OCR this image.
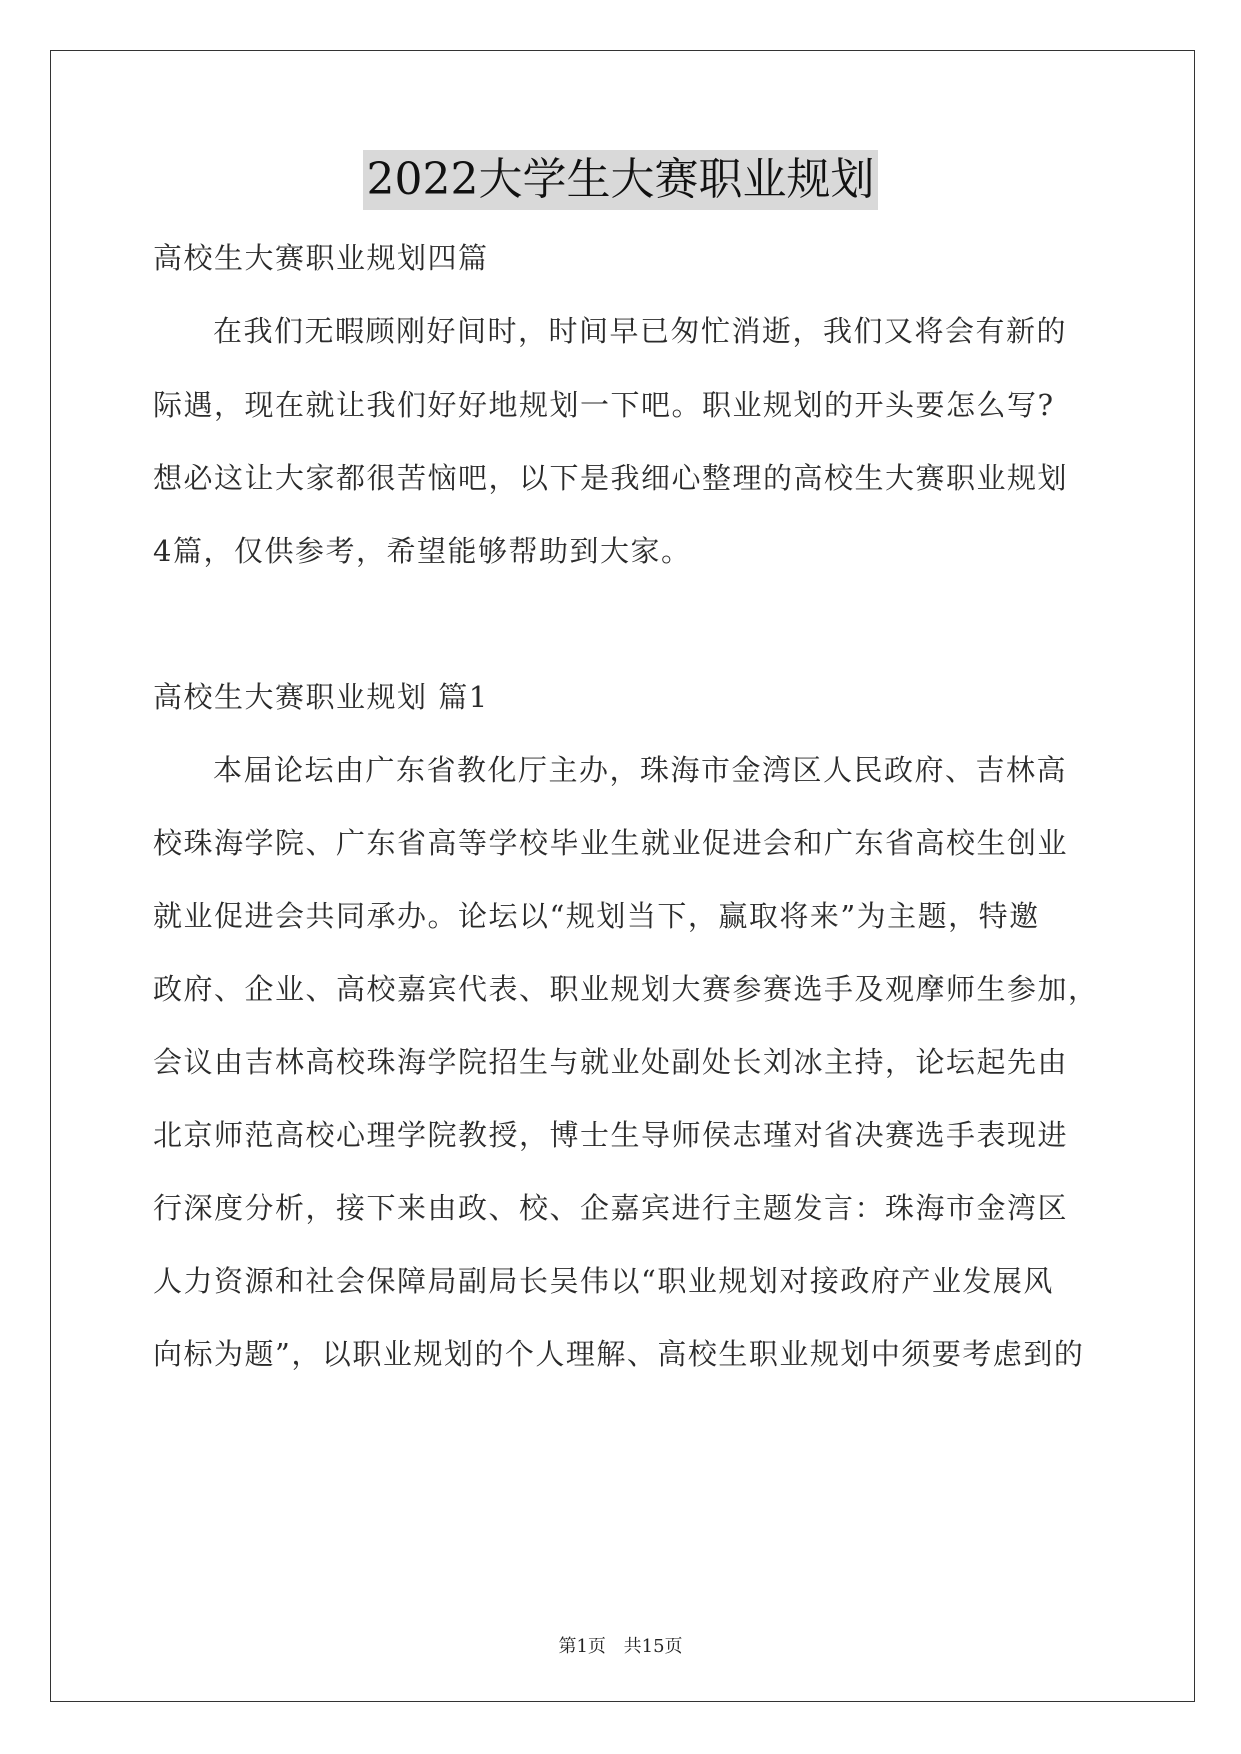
2022大学生大赛职业规划
高校生大赛职业规划四篇
在我们无暇顾刚好间时，时间早已匆忙消逝，我们又将会有新的
际遇，现在就让我们好好地规划一下吧。职业规划的开头要怎么写?
想必这让大家都很苦恼吧，以下是我细心整理的高校生大赛职业规划
4篇，仅供参考，希望能够帮助到大家。
高校生大赛职业规划 篇1
本届论坛由广东省教化厅主办，珠海市金湾区人民政府、吉林高
校珠海学院、广东省高等学校毕业生就业促进会和广东省高校生创业
就业促进会共同承办。论坛以“规划当下，赢取将来”为主题，特邀
政府、企业、高校嘉宾代表、职业规划大赛参赛选手及观摩师生参加，
会议由吉林高校珠海学院招生与就业处副处长刘冰主持，论坛起先由
北京师范高校心理学院教授，博士生导师侯志瑾对省决赛选手表现进
行深度分析，接下来由政、校、企嘉宾进行主题发言：珠海市金湾区
人力资源和社会保障局副局长吴伟以“职业规划对接政府产业发展风
向标为题”，以职业规划的个人理解、高校生职业规划中须要考虑到的
第1页 共15页
